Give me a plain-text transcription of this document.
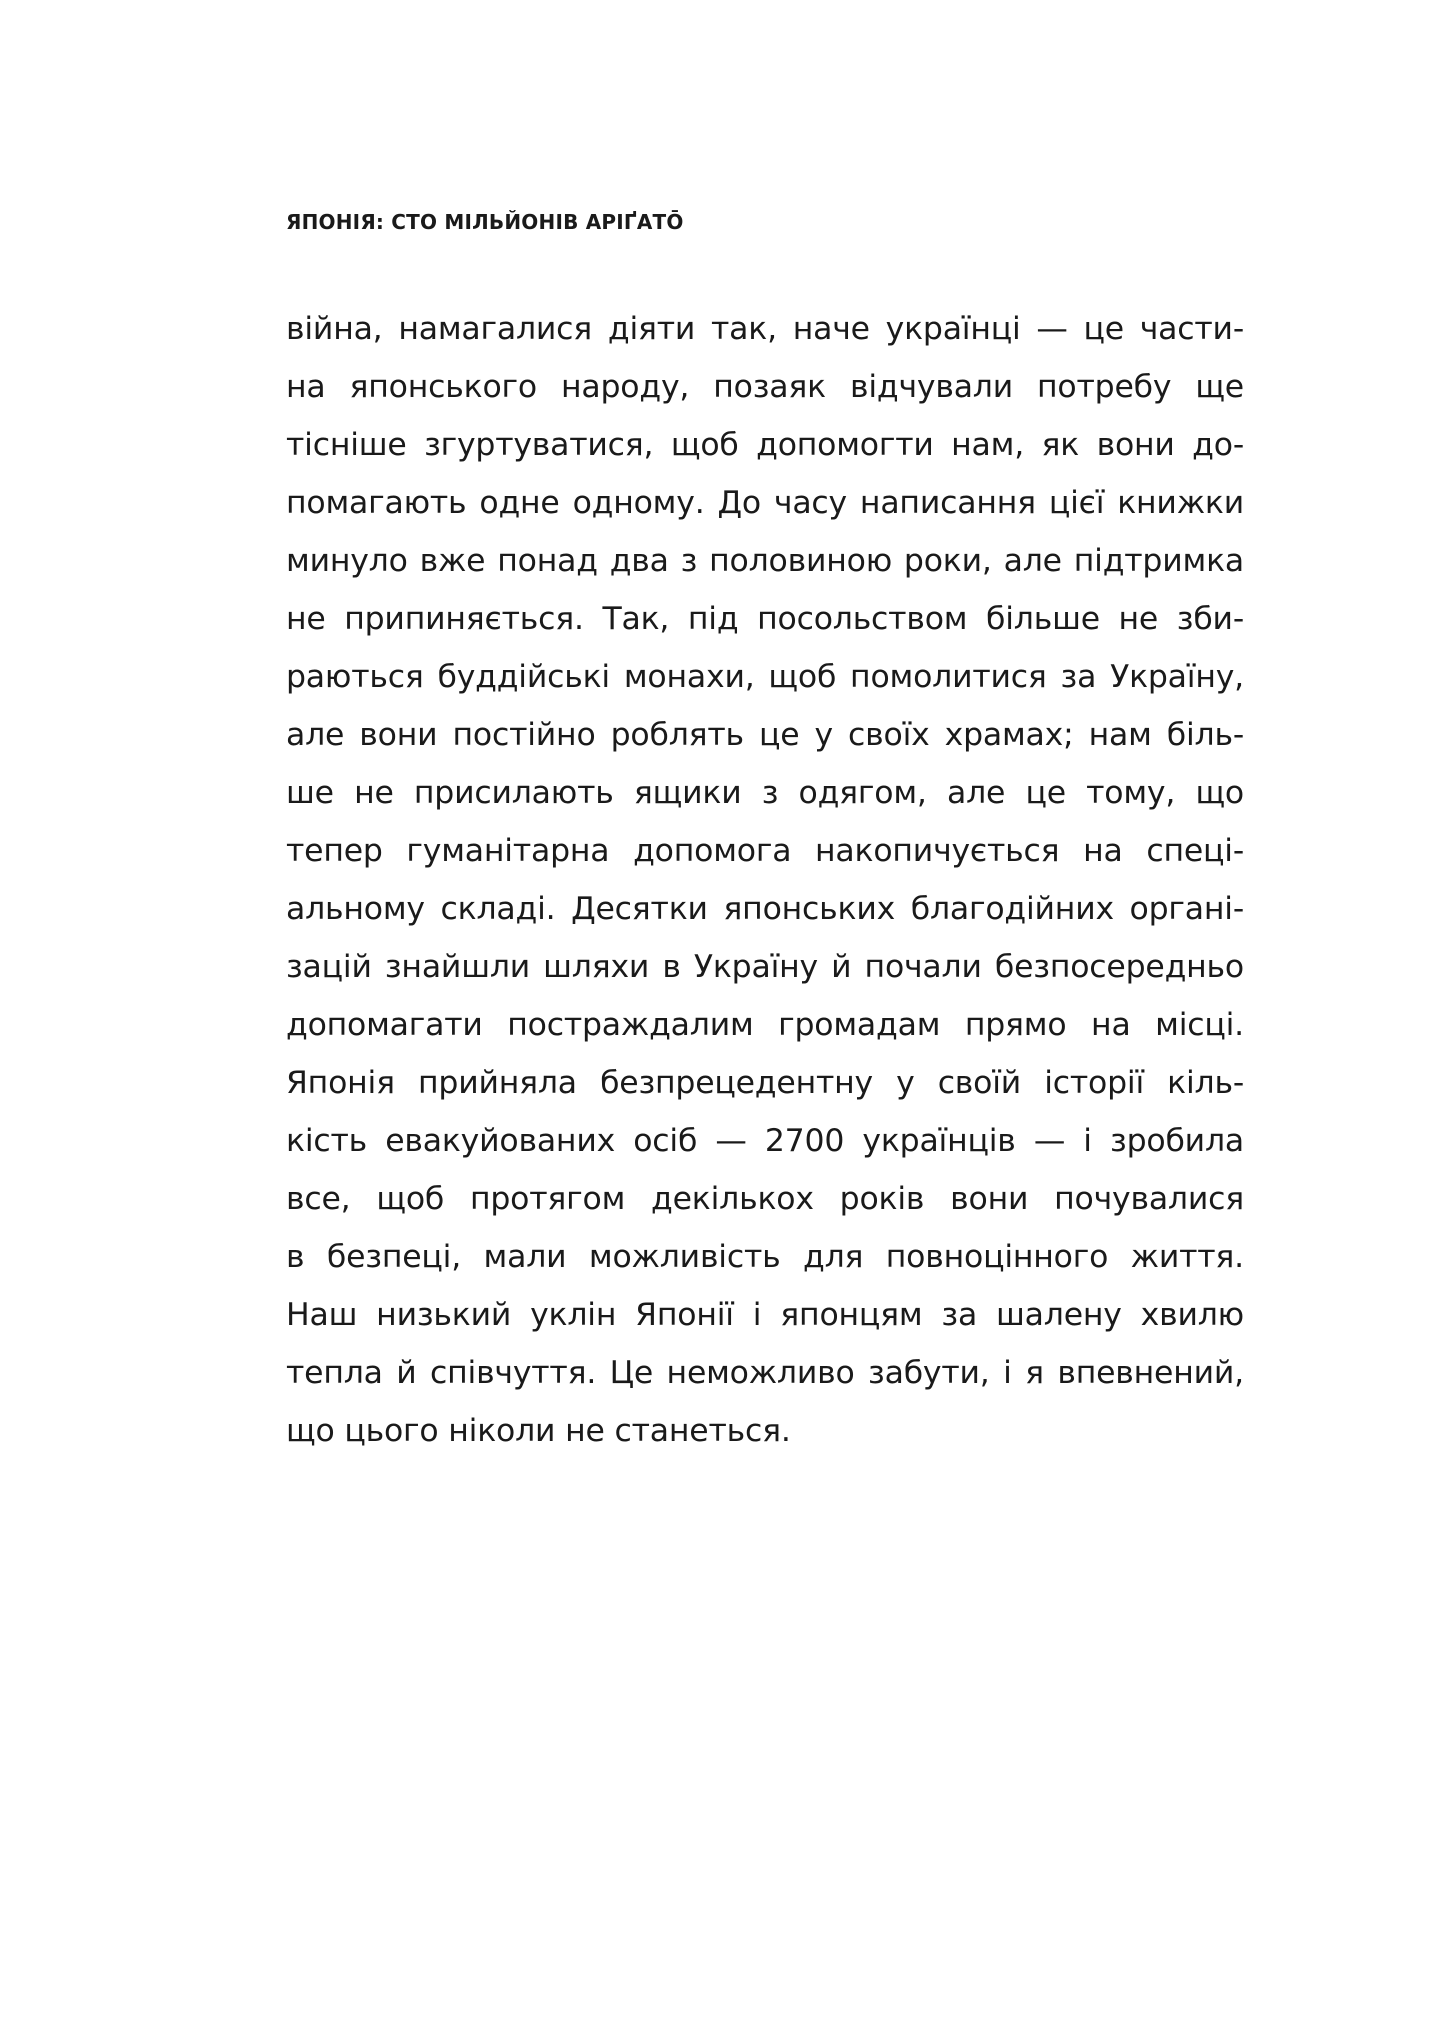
ЯПОНІЯ: СТО МІЛЬЙОНІВ АРІҐАТŌ
війна, намагалися діяти так, наче українці — це части-
на японського народу, позаяк відчували потребу ще
тісніше згуртуватися, щоб допомогти нам, як вони до-
помагають одне одному. До часу написання цієї книжки
минуло вже понад два з половиною роки, але підтримка
не припиняється. Так, під посольством більше не зби-
раються буддійські монахи, щоб помолитися за Україну,
але вони постійно роблять це у своїх храмах; нам біль-
ше не присилають ящики з одягом, але це тому, що
тепер гуманітарна допомога накопичується на спеці-
альному складі. Десятки японських благодійних органі-
зацій знайшли шляхи в Україну й почали безпосередньо
допомагати постраждалим громадам прямо на місці.
Японія прийняла безпрецедентну у своїй історії кіль-
кість евакуйованих осіб — 2700 українців — і зробила
все, щоб протягом декількох років вони почувалися
в безпеці, мали можливість для повноцінного життя.
Наш низький уклін Японії і японцям за шалену хвилю
тепла й співчуття. Це неможливо забути, і я впевнений,
що цього ніколи не станеться.
